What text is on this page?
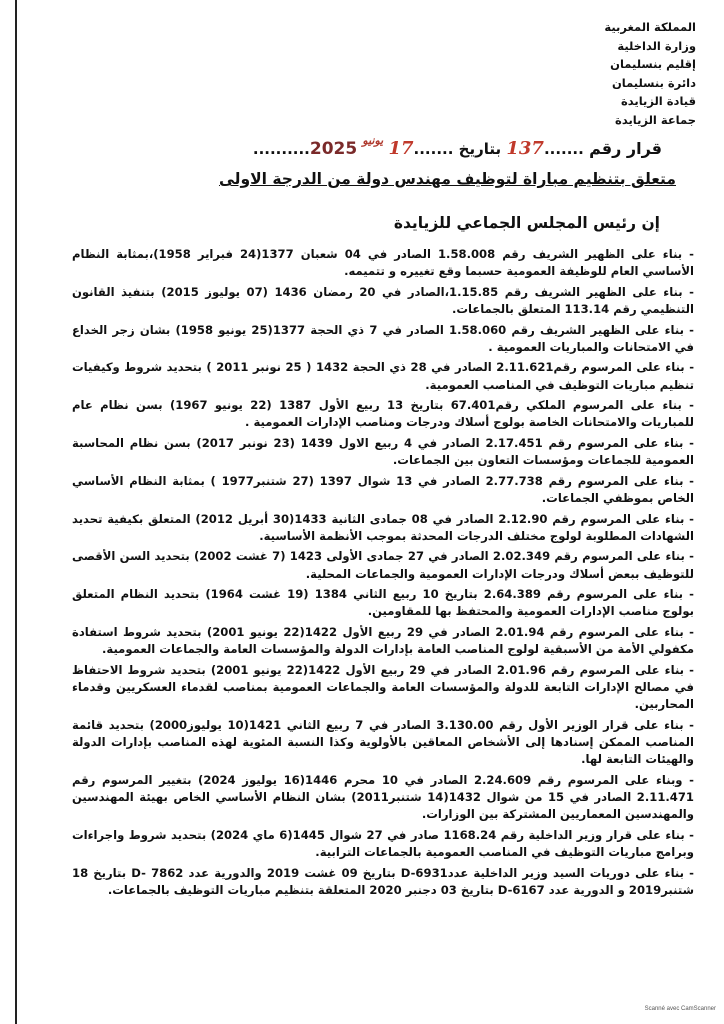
المملكة المغربية
وزارة الداخلية
إقليم بنسليمان
دائرة بنسليمان
قيادة الزيايدة
جماعة الزيايدة
قرار رقم .......137 بتاريخ .......17 $^{يونيو}$ 2025..........
متعلق بتنظيم مباراة لتوظيف مهندس دولة من الدرجة الاولى
إن رئيس المجلس الجماعي للزيايدة

- بناء على الظهير الشريف رقم 1.58.008 الصادر في 04 شعبان 1377(24 فبراير 1958)،بمثابة النظام الأساسي العام للوظيفة العمومية حسبما وقع تغييره و تتميمه.

- بناء على الظهير الشريف رقم 1.15.85،الصادر في 20 رمضان 1436 (07 يوليوز 2015) بتنفيذ القانون التنظيمي رقم 113.14 المتعلق بالجماعات.

- بناء على الظهير الشريف رقم 1.58.060 الصادر في 7 ذي الحجة 1377(25 يونيو 1958) بشان زجر الخداع في الامتحانات والمباريات العمومية .

- بناء على المرسوم رقم2.11.621 الصادر في 28 ذي الحجة 1432 ( 25 نونبر 2011 ) بتحديد شروط وكيفيات تنظيم مباريات التوظيف في المناصب العمومية.

- بناء على المرسوم الملكي رقم67.401 بتاريخ 13 ربيع الأول 1387 (22 يونيو 1967) بسن نظام عام للمباريات والامتحانات الخاصة بولوج أسلاك ودرجات ومناصب الإدارات العمومية .

- بناء على المرسوم رقم 2.17.451 الصادر في 4 ربيع الاول 1439 (23 نونبر 2017) بسن نظام المحاسبة العمومية للجماعات ومؤسسات التعاون بين الجماعات.

- بناء على المرسوم رقم 2.77.738 الصادر في 13 شوال 1397 (27 شتنبر1977 ) بمثابة النظام الأساسي الخاص بموظفي الجماعات.

- بناء على المرسوم رقم 2.12.90 الصادر في 08 جمادى الثانية 1433(30 أبريل 2012) المتعلق بكيفية تحديد الشهادات المطلوبة لولوج مختلف الدرجات المحدثة بموجب الأنظمة الأساسية.

- بناء على المرسوم رقم 2.02.349 الصادر في 27 جمادى الأولى 1423 (7 غشت 2002) بتحديد السن الأقصى للتوظيف ببعض أسلاك ودرجات الإدارات العمومية والجماعات المحلية.

- بناء على المرسوم رقم 2.64.389 بتاريخ 10 ربيع الثاني 1384 (19 غشت 1964) بتحديد النظام المتعلق بولوج مناصب الإدارات العمومية والمحتفظ بها للمقاومين.

- بناء على المرسوم رقم 2.01.94 الصادر في 29 ربيع الأول 1422(22 يونيو 2001) بتحديد شروط استفادة مكفولي الأمة من الأسبقية لولوج المناصب العامة بإدارات الدولة والمؤسسات العامة والجماعات العمومية.

- بناء على المرسوم رقم 2.01.96 الصادر في 29 ربيع الأول 1422(22 يونيو 2001) بتحديد شروط الاحتفاظ في مصالح الإدارات التابعة للدولة والمؤسسات العامة والجماعات العمومية بمناصب لقدماء العسكريين وقدماء المحاربين.

- بناء على قرار الوزير الأول رقم 3.130.00 الصادر في 7 ربيع الثاني 1421(10 يوليوز2000) بتحديد قائمة المناصب الممكن إسنادها إلى الأشخاص المعاقين بالأولوية وكذا النسبة المئوية لهذه المناصب بإدارات الدولة والهيئات التابعة لها.

- وبناء على المرسوم رقم 2.24.609 الصادر في 10 محرم 1446(16 يوليوز 2024) بتغيير المرسوم رقم 2.11.471 الصادر في 15 من شوال 1432(14 شتنبر2011) بشان النظام الأساسي الخاص بهيئة المهندسين والمهندسين المعماريين المشتركة بين الوزارات.

- بناء على قرار وزير الداخلية رقم 1168.24 صادر في 27 شوال 1445(6 ماي 2024) بتحديد شروط واجراءات وبرامج مباريات التوظيف في المناصب العمومية بالجماعات الترابية.

- بناء على دوريات السيد وزير الداخلية عددD-6931 بتاريخ 09 غشت 2019 والدورية عدد D- 7862 بتاريخ 18 شتنبر2019 و الدورية عدد D-6167 بتاريخ 03 دجنبر 2020 المتعلقة بتنظيم مباريات التوظيف بالجماعات.

Scanné avec CamScanner
